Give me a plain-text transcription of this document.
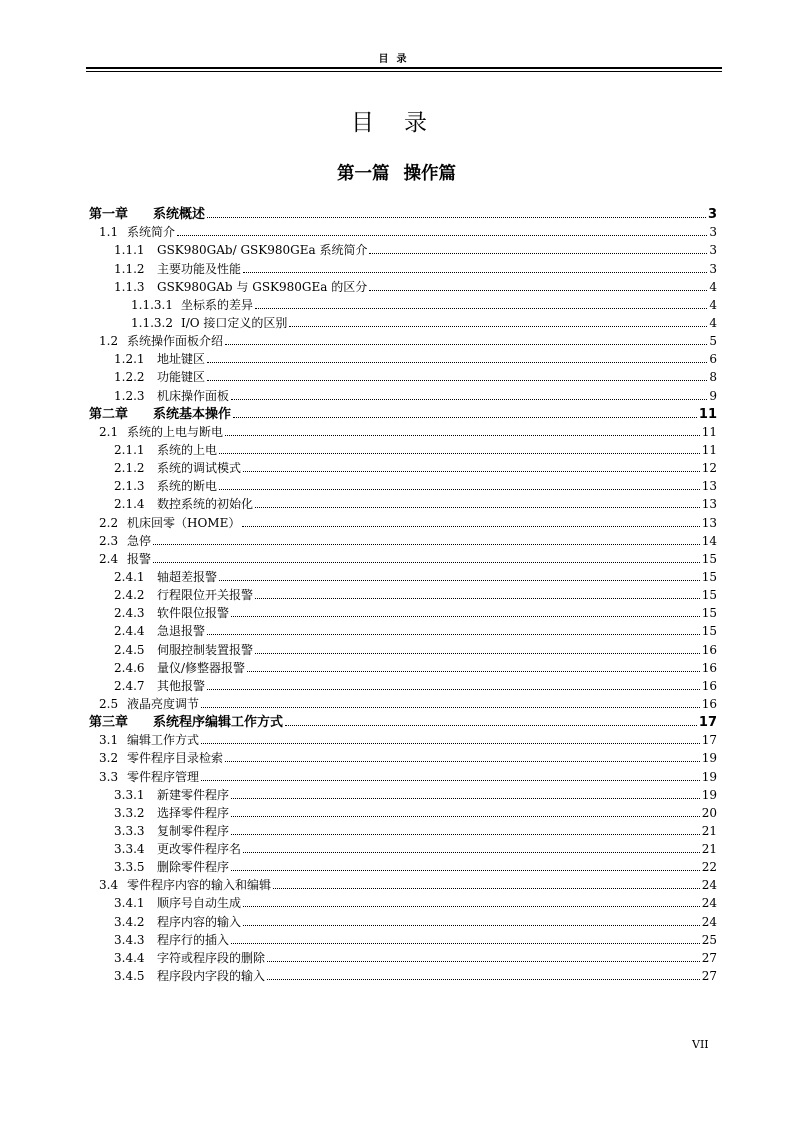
目录
目录
第一篇 操作篇
第一章	系统概述	3
1.1 系统简介	3
1.1.1	GSK980GAb/ GSK980GEa 系统简介	3
1.1.2	主要功能及性能	3
1.1.3	GSK980GAb 与 GSK980GEa 的区分	4
1.1.3.1 坐标系的差异	4
1.1.3.2 I/O 接口定义的区别	4
1.2 系统操作面板介绍	5
1.2.1	地址键区	6
1.2.2	功能键区	8
1.2.3	机床操作面板	9
第二章	系统基本操作	11
2.1 系统的上电与断电	11
2.1.1	系统的上电	11
2.1.2	系统的调试模式	12
2.1.3	系统的断电	13
2.1.4	数控系统的初始化	13
2.2 机床回零（HOME）	13
2.3 急停	14
2.4 报警	15
2.4.1	轴超差报警	15
2.4.2	行程限位开关报警	15
2.4.3	软件限位报警	15
2.4.4	急退报警	15
2.4.5	伺服控制装置报警	16
2.4.6	量仪/修整器报警	16
2.4.7	其他报警	16
2.5 液晶亮度调节	16
第三章	系统程序编辑工作方式	17
3.1 编辑工作方式	17
3.2 零件程序目录检索	19
3.3 零件程序管理	19
3.3.1	新建零件程序	19
3.3.2	选择零件程序	20
3.3.3	复制零件程序	21
3.3.4	更改零件程序名	21
3.3.5	删除零件程序	22
3.4 零件程序内容的输入和编辑	24
3.4.1	顺序号自动生成	24
3.4.2	程序内容的输入	24
3.4.3	程序行的插入	25
3.4.4	字符或程序段的删除	27
3.4.5	程序段内字段的输入	27
VII
